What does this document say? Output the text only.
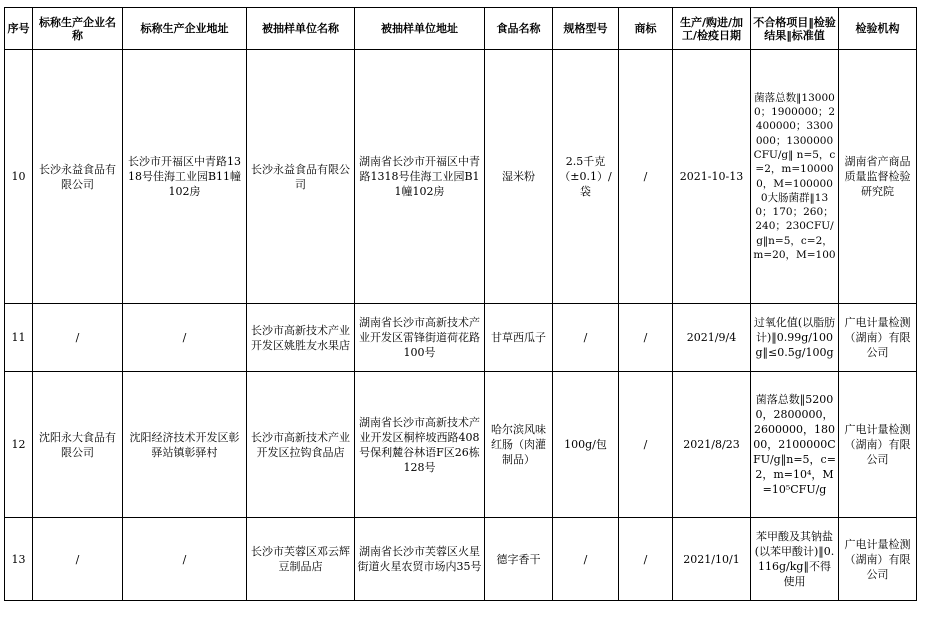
序号	标称生产企业名称	标称生产企业地址	被抽样单位名称	被抽样单位地址	食品名称	规格型号	商标	生产/购进/加工/检疫日期	不合格项目‖检验结果‖标准值	检验机构
10	长沙永益食品有限公司	长沙市开福区中青路1318号佳海工业园B11幢102房	长沙永益食品有限公司	湖南省长沙市开福区中青路1318号佳海工业园B11幢102房	湿米粉	2.5千克（±0.1）/袋	/	2021-10-13	菌落总数‖130000；1900000；2400000；3300000；1300000CFU/g‖ n=5，c=2，m=100000，M=1000000大肠菌群‖130；170；260；240；230CFU/g‖n=5，c=2，m=20，M=100	湖南省产商品质量监督检验研究院
11	/	/	长沙市高新技术产业开发区姚胜友水果店	湖南省长沙市高新技术产业开发区雷锋街道荷花路100号	甘草西瓜子	/	/	2021/9/4	过氧化值(以脂肪计)‖0.99g/100g‖≤0.5g/100g	广电计量检测（湖南）有限公司
12	沈阳永大食品有限公司	沈阳经济技术开发区彰驿站镇彰驿村	长沙市高新技术产业开发区拉钩食品店	湖南省长沙市高新技术产业开发区桐梓坡西路408号保利麓谷林语F区26栋128号	哈尔滨风味红肠（肉灌制品）	100g/包	/	2021/8/23	菌落总数‖52000，2800000，2600000，18000，2100000CFU/g‖n=5，c=2，m=10⁴，M=10⁵CFU/g	广电计量检测（湖南）有限公司
13	/	/	长沙市芙蓉区邓云辉豆制品店	湖南省长沙市芙蓉区火星街道火星农贸市场内35号	德字香干	/	/	2021/10/1	苯甲酸及其钠盐(以苯甲酸计)‖0.116g/kg‖不得使用	广电计量检测（湖南）有限公司
